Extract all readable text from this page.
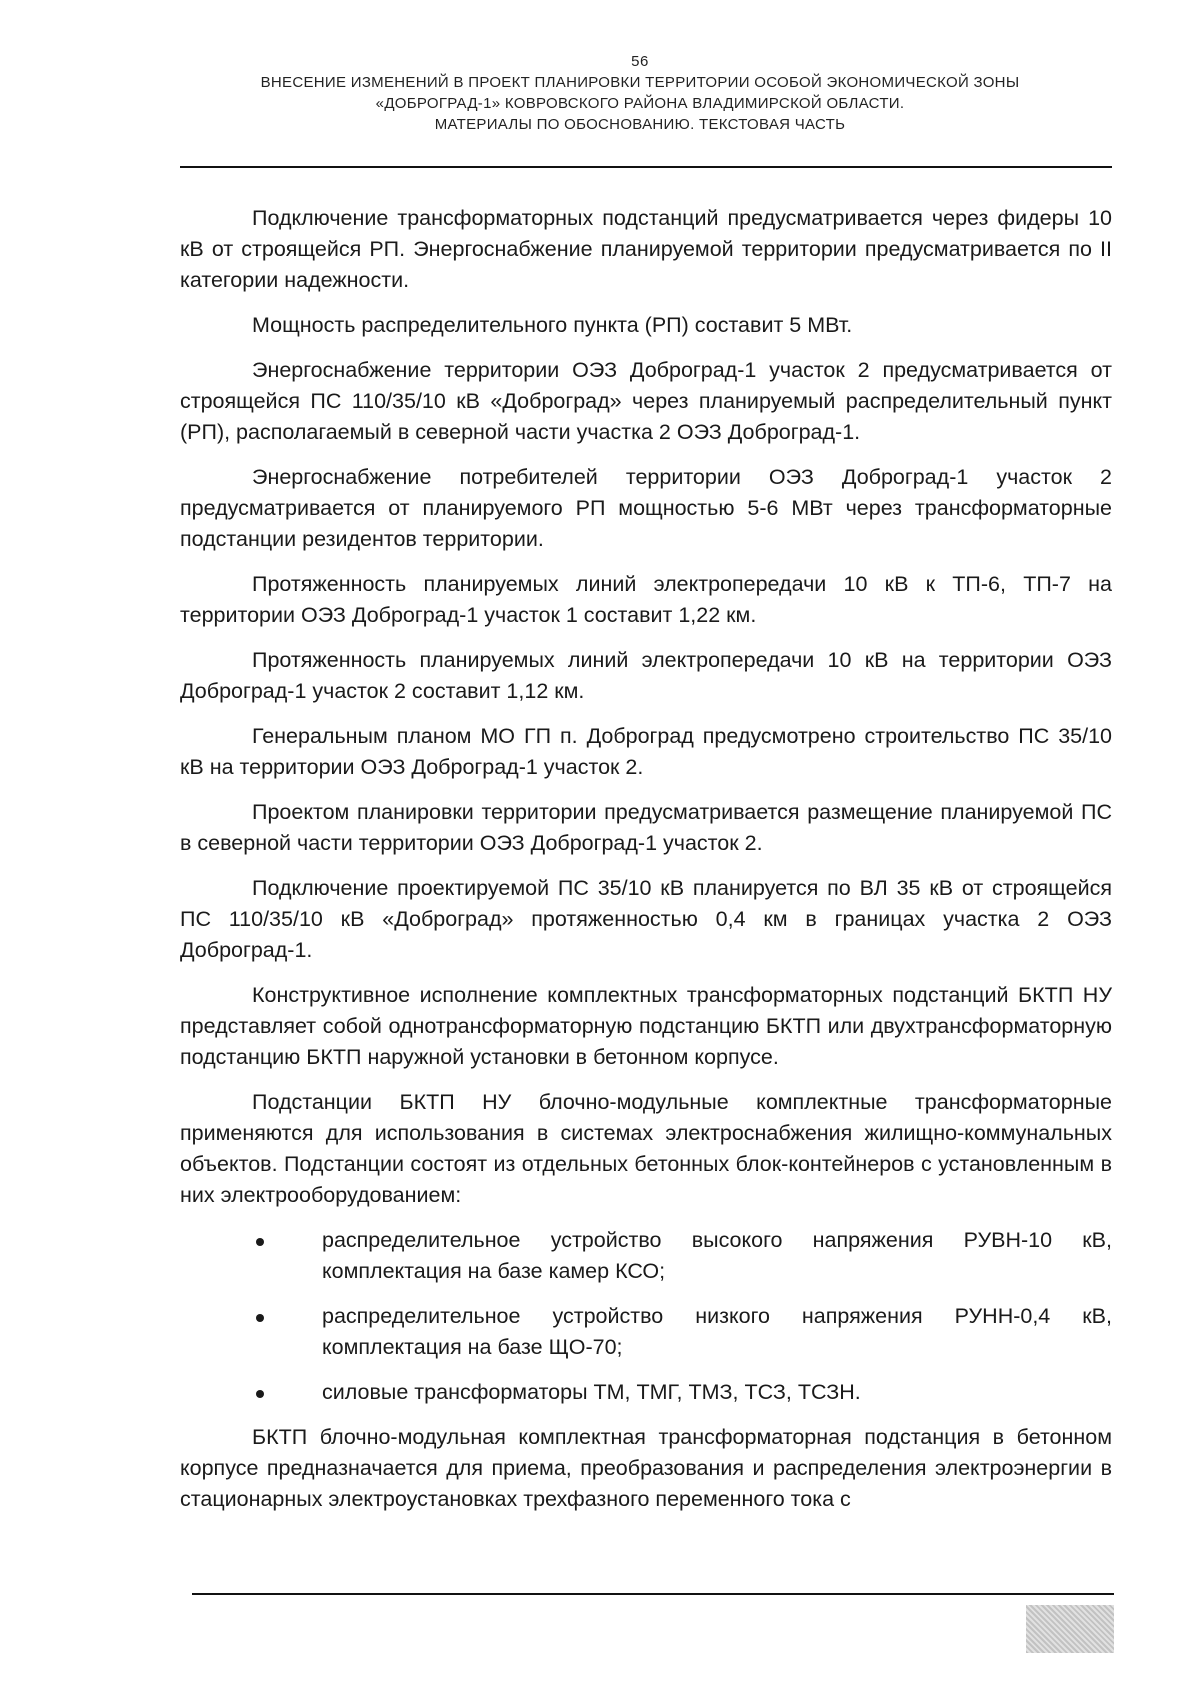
56
ВНЕСЕНИЕ ИЗМЕНЕНИЙ В ПРОЕКТ ПЛАНИРОВКИ ТЕРРИТОРИИ ОСОБОЙ ЭКОНОМИЧЕСКОЙ ЗОНЫ
«ДОБРОГРАД-1» КОВРОВСКОГО РАЙОНА ВЛАДИМИРСКОЙ ОБЛАСТИ.
МАТЕРИАЛЫ ПО ОБОСНОВАНИЮ. ТЕКСТОВАЯ ЧАСТЬ

Подключение трансформаторных подстанций предусматривается через фидеры 10 кВ от строящейся РП. Энергоснабжение планируемой территории предусматривается по II категории надежности.

Мощность распределительного пункта (РП) составит 5 МВт.

Энергоснабжение территории ОЭЗ Доброград-1 участок 2 предусматривается от строящейся ПС 110/35/10 кВ «Доброград» через планируемый распределительный пункт (РП), располагаемый в северной части участка 2 ОЭЗ Доброград-1.

Энергоснабжение потребителей территории ОЭЗ Доброград-1 участок 2 предусматривается от планируемого РП мощностью 5-6 МВт через трансформаторные подстанции резидентов территории.

Протяженность планируемых линий электропередачи 10 кВ к ТП-6, ТП-7 на территории ОЭЗ Доброград-1 участок 1 составит 1,22 км.

Протяженность планируемых линий электропередачи 10 кВ на территории ОЭЗ Доброград-1 участок 2 составит 1,12 км.

Генеральным планом МО ГП п. Доброград предусмотрено строительство ПС 35/10 кВ на территории ОЭЗ Доброград-1 участок 2.

Проектом планировки территории предусматривается размещение планируемой ПС в северной части территории ОЭЗ Доброград-1 участок 2.

Подключение проектируемой ПС 35/10 кВ планируется по ВЛ 35 кВ от строящейся ПС 110/35/10 кВ «Доброград» протяженностью 0,4 км в границах участка 2 ОЭЗ Доброград-1.

Конструктивное исполнение комплектных трансформаторных подстанций БКТП НУ представляет собой однотрансформаторную подстанцию БКТП или двухтрансформаторную подстанцию БКТП наружной установки в бетонном корпусе.

Подстанции БКТП НУ блочно-модульные комплектные трансформаторные применяются для использования в системах электроснабжения жилищно-коммунальных объектов. Подстанции состоят из отдельных бетонных блок-контейнеров с установленным в них электрооборудованием:

распределительное устройство высокого напряжения РУВН-10 кВ, комплектация на базе камер КСО;
распределительное устройство низкого напряжения РУНН-0,4 кВ, комплектация на базе ЩО-70;
силовые трансформаторы ТМ, ТМГ, ТМЗ, ТСЗ, ТСЗН.

БКТП блочно-модульная комплектная трансформаторная подстанция в бетонном корпусе предназначается для приема, преобразования и распределения электроэнергии в стационарных электроустановках трехфазного переменного тока с
